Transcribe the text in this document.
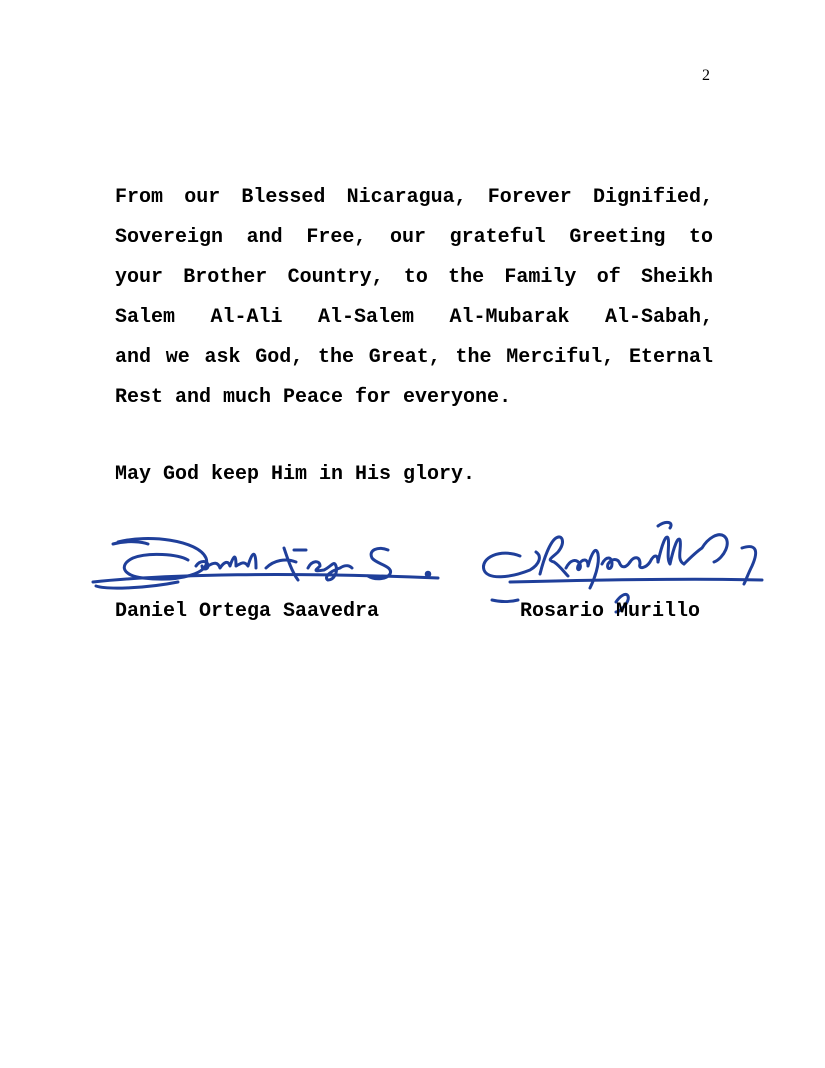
2
From our Blessed Nicaragua, Forever Dignified,
Sovereign and Free, our grateful Greeting to
your Brother Country, to the Family of Sheikh
Salem Al-Ali Al-Salem Al-Mubarak Al-Sabah,
and we ask God, the Great, the Merciful, Eternal
Rest and much Peace for everyone.
May God keep Him in His glory.
Daniel Ortega Saavedra	Rosario Murillo
